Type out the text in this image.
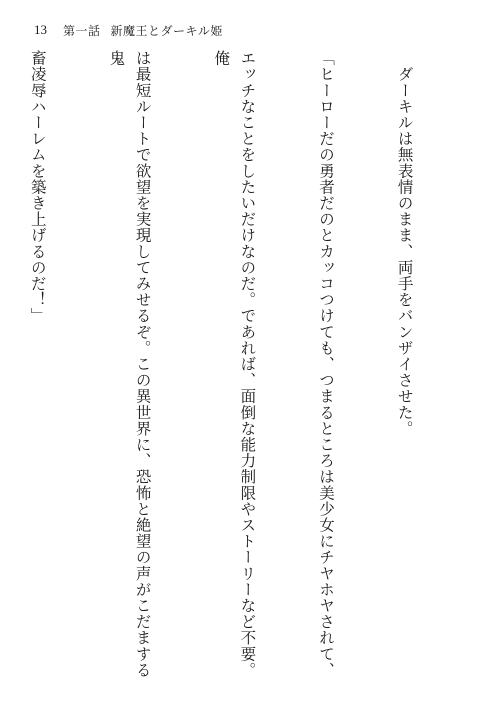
13 第一話 新魔王とダーキル姫

　ダーキルは無表情のまま、両手をバンザイさせた。

「ヒーローだの勇者だのとカッコつけても、つまるところは美少女にチヤホヤされて、

エッチなことをしたいだけなのだ。であれば、面倒な能力制限やストーリーなど不要。俺

は最短ルートで欲望を実現してみせるぞ。この異世界に、恐怖と絶望の声がこだまする鬼

畜凌辱ハーレムを築き上げるのだ！」
